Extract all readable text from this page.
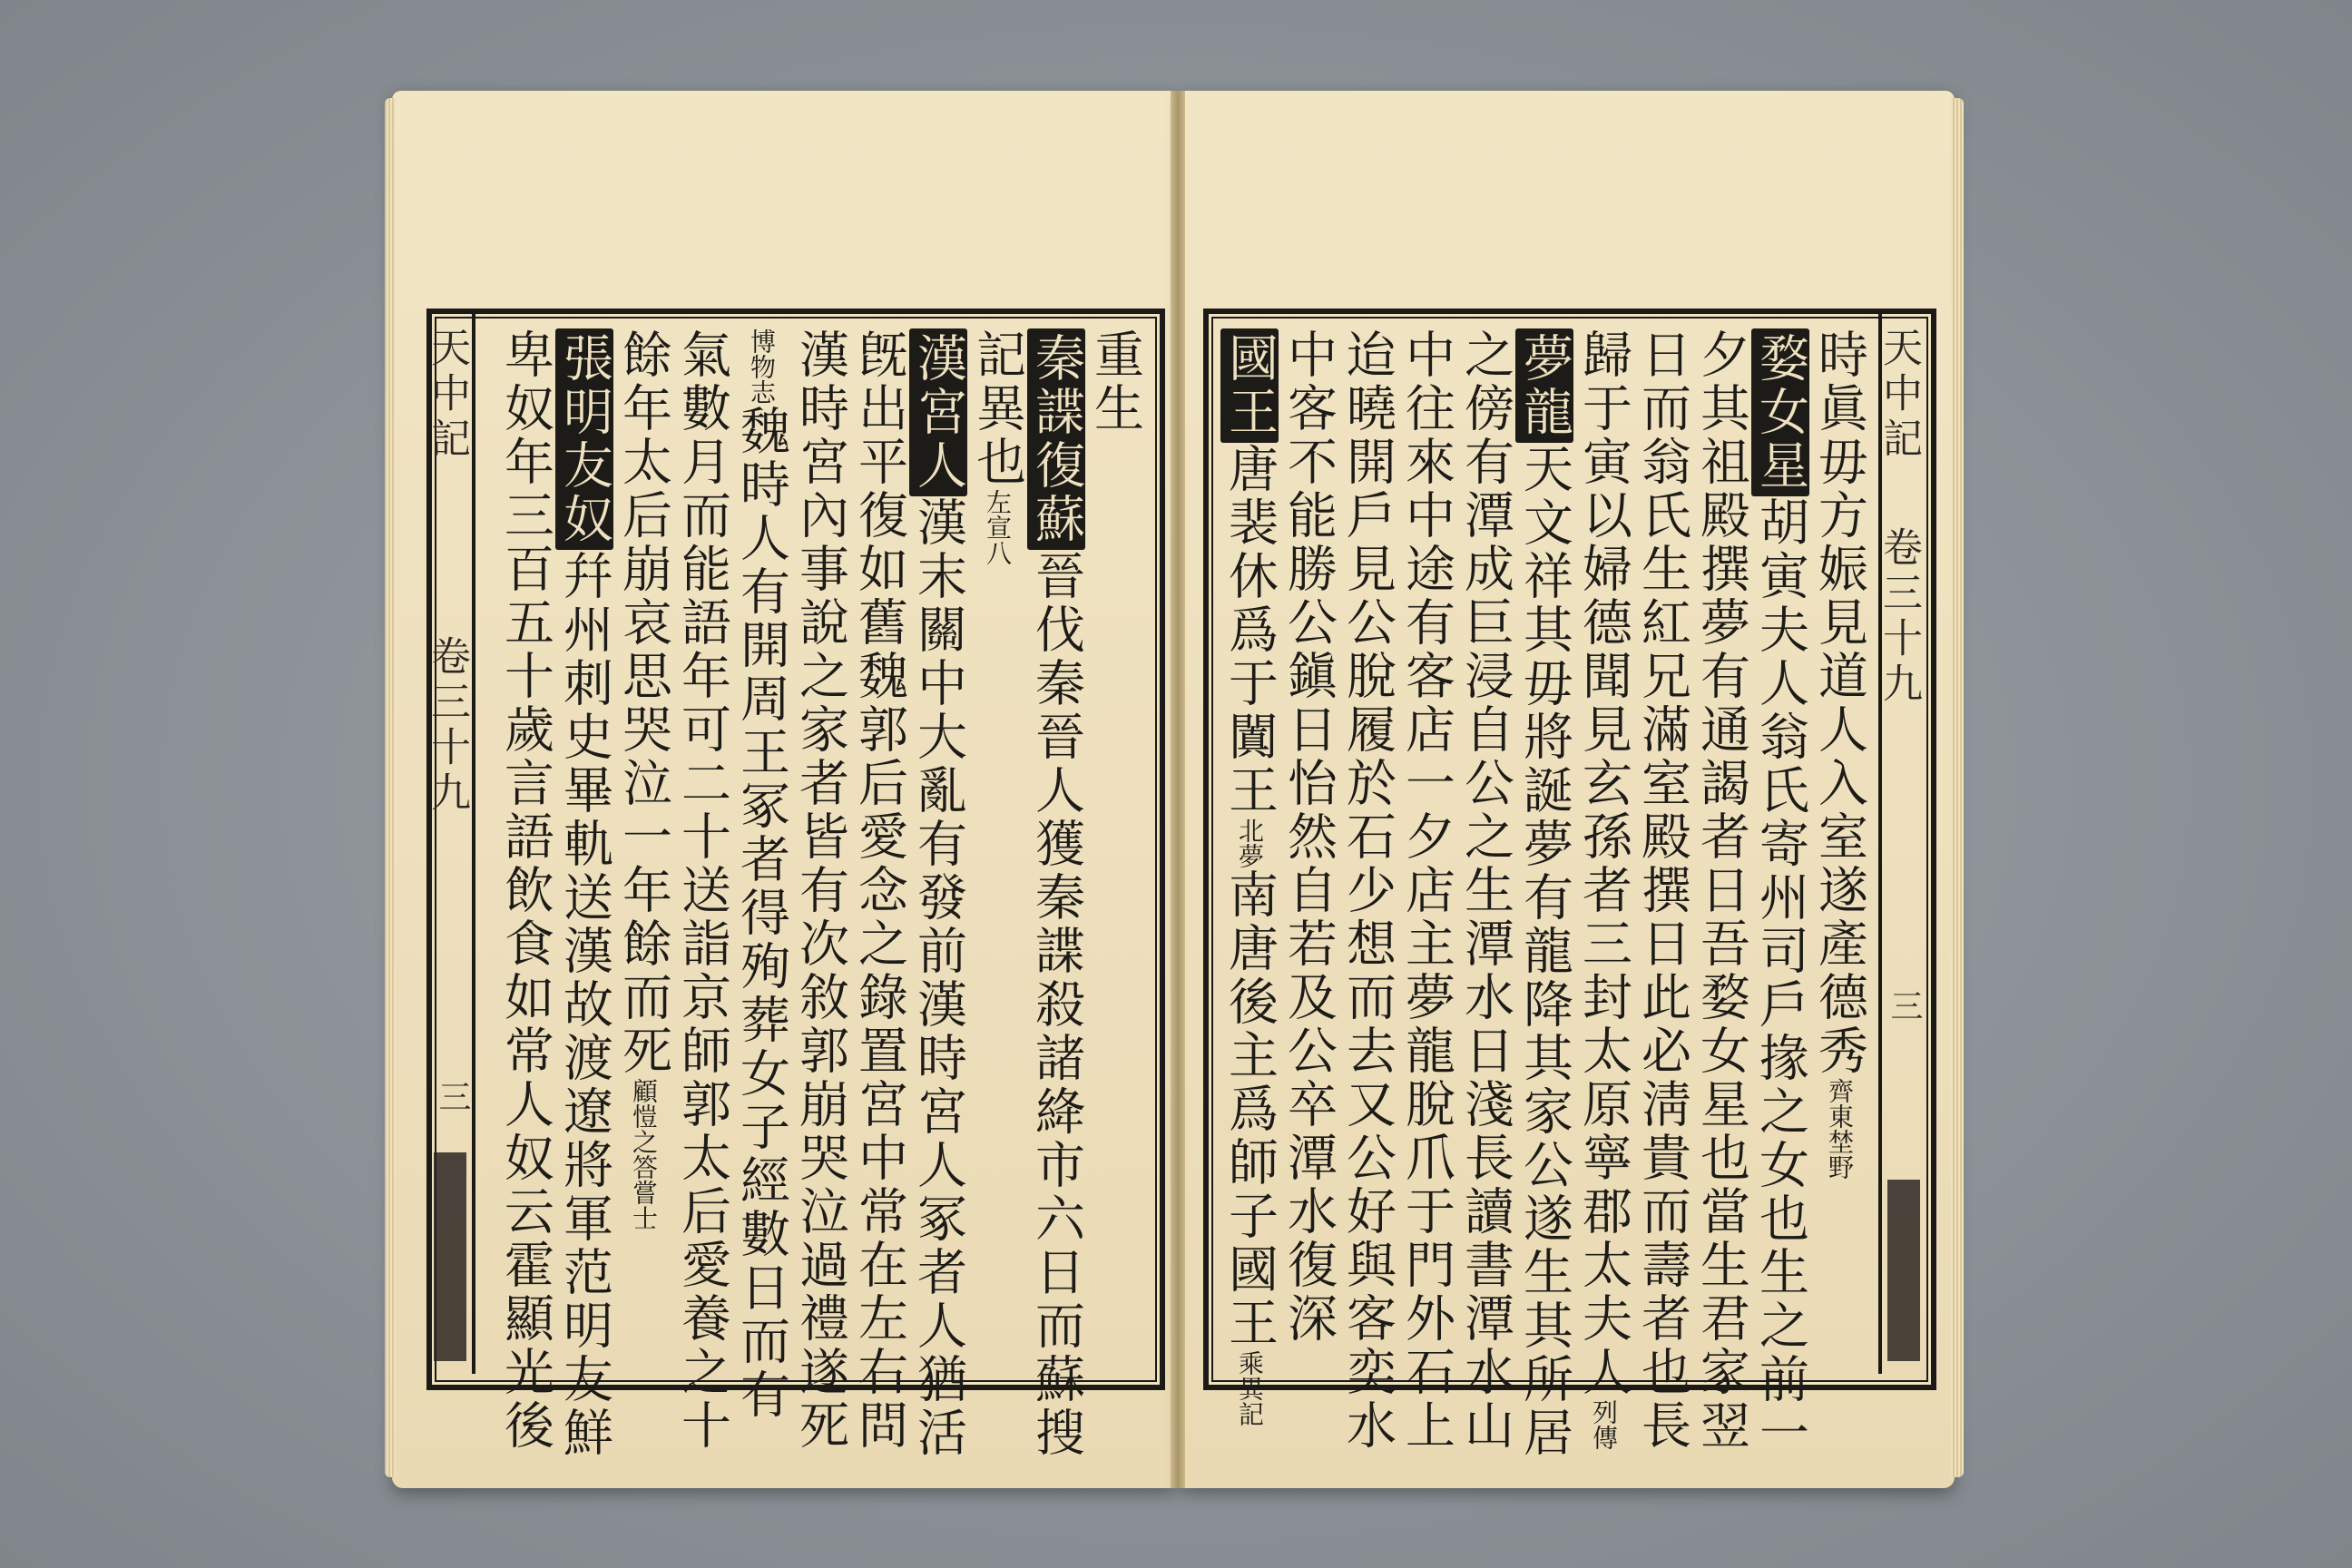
天中記
卷三十九
三
天中記
卷三十九
三
重生
秦諜復蘇晉伐秦晉人獲秦諜殺諸絳市六日而蘇搜
記異也左宣八
漢宮人漢末關中大亂有發前漢時宮人冢者人猶活
旣出平復如舊魏郭后愛念之錄置宮中常在左右問
漢時宮內事說之家者皆有次敘郭崩哭泣過禮遂死
博物志魏時人有開周王冢者得殉葬女子經數日而有
氣數月而能語年可二十送詣京師郭太后愛養之十
餘年太后崩哀思哭泣一年餘而死顧愷之答嘗士
張明友奴幷州刺史畢軌送漢故渡遼將軍范明友鮮
卑奴年三百五十歲言語飲食如常人奴云霍顯光後	時眞毋方娠見道人入室遂產德秀齊東埜野
婺女星胡寅夫人翁氏寄州司戶掾之女也生之前一
夕其祖殿撰夢有通謁者日吾婺女星也當生君家翌
日而翁氏生紅兄滿室殿撰日此必淸貴而壽者也長
歸于寅以婦德聞見玄孫者三封太原寧郡太夫人列傳
夢龍天文祥其毋將誕夢有龍降其家公遂生其所居
之傍有潭成巨浸自公之生潭水日淺長讀書潭水山
中往來中途有客店一夕店主夢龍脫爪于門外石上
迨曉開戶見公脫履於石少想而去又公好與客奕水
中客不能勝公鎭日怡然自若及公卒潭水復深
國王唐裴休爲于闐王北夢南唐後主爲師子國王乘異記
